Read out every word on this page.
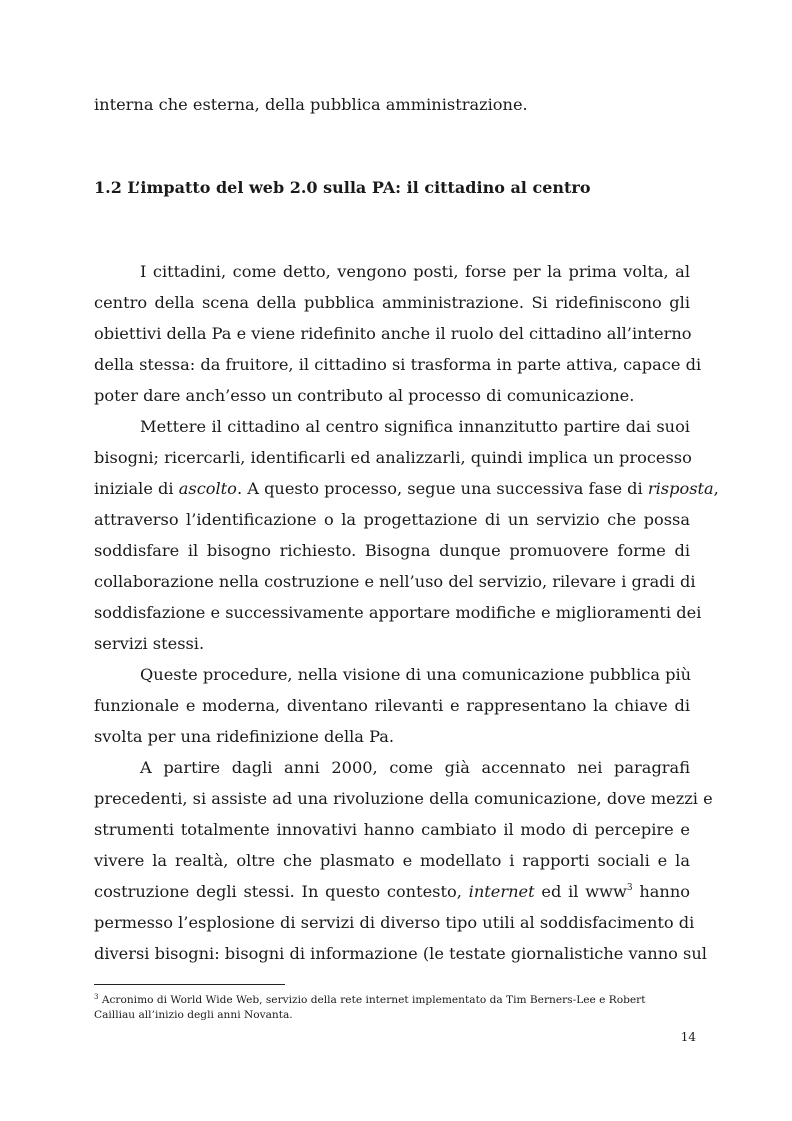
interna che esterna, della pubblica amministrazione.
1.2 L’impatto del web 2.0 sulla PA: il cittadino al centro
I cittadini, come detto, vengono posti, forse per la prima volta, al
centro della scena della pubblica amministrazione. Si ridefiniscono gli
obiettivi della Pa e viene ridefinito anche il ruolo del cittadino all’interno
della stessa: da fruitore, il cittadino si trasforma in parte attiva, capace di
poter dare anch’esso un contributo al processo di comunicazione.
Mettere il cittadino al centro significa innanzitutto partire dai suoi
bisogni; ricercarli, identificarli ed analizzarli, quindi implica un processo
iniziale di ascolto. A questo processo, segue una successiva fase di risposta,
attraverso l’identificazione o la progettazione di un servizio che possa
soddisfare il bisogno richiesto. Bisogna dunque promuovere forme di
collaborazione nella costruzione e nell’uso del servizio, rilevare i gradi di
soddisfazione e successivamente apportare modifiche e miglioramenti dei
servizi stessi.
Queste procedure, nella visione di una comunicazione pubblica più
funzionale e moderna, diventano rilevanti e rappresentano la chiave di
svolta per una ridefinizione della Pa.
A partire dagli anni 2000, come già accennato nei paragrafi
precedenti, si assiste ad una rivoluzione della comunicazione, dove mezzi e
strumenti totalmente innovativi hanno cambiato il modo di percepire e
vivere la realtà, oltre che plasmato e modellato i rapporti sociali e la
costruzione degli stessi. In questo contesto, internet ed il www$^3$ hanno
permesso l’esplosione di servizi di diverso tipo utili al soddisfacimento di
diversi bisogni: bisogni di informazione (le testate giornalistiche vanno sul
$^3$ Acronimo di World Wide Web, servizio della rete internet implementato da Tim Berners-Lee e Robert
Cailliau all’inizio degli anni Novanta.
14
